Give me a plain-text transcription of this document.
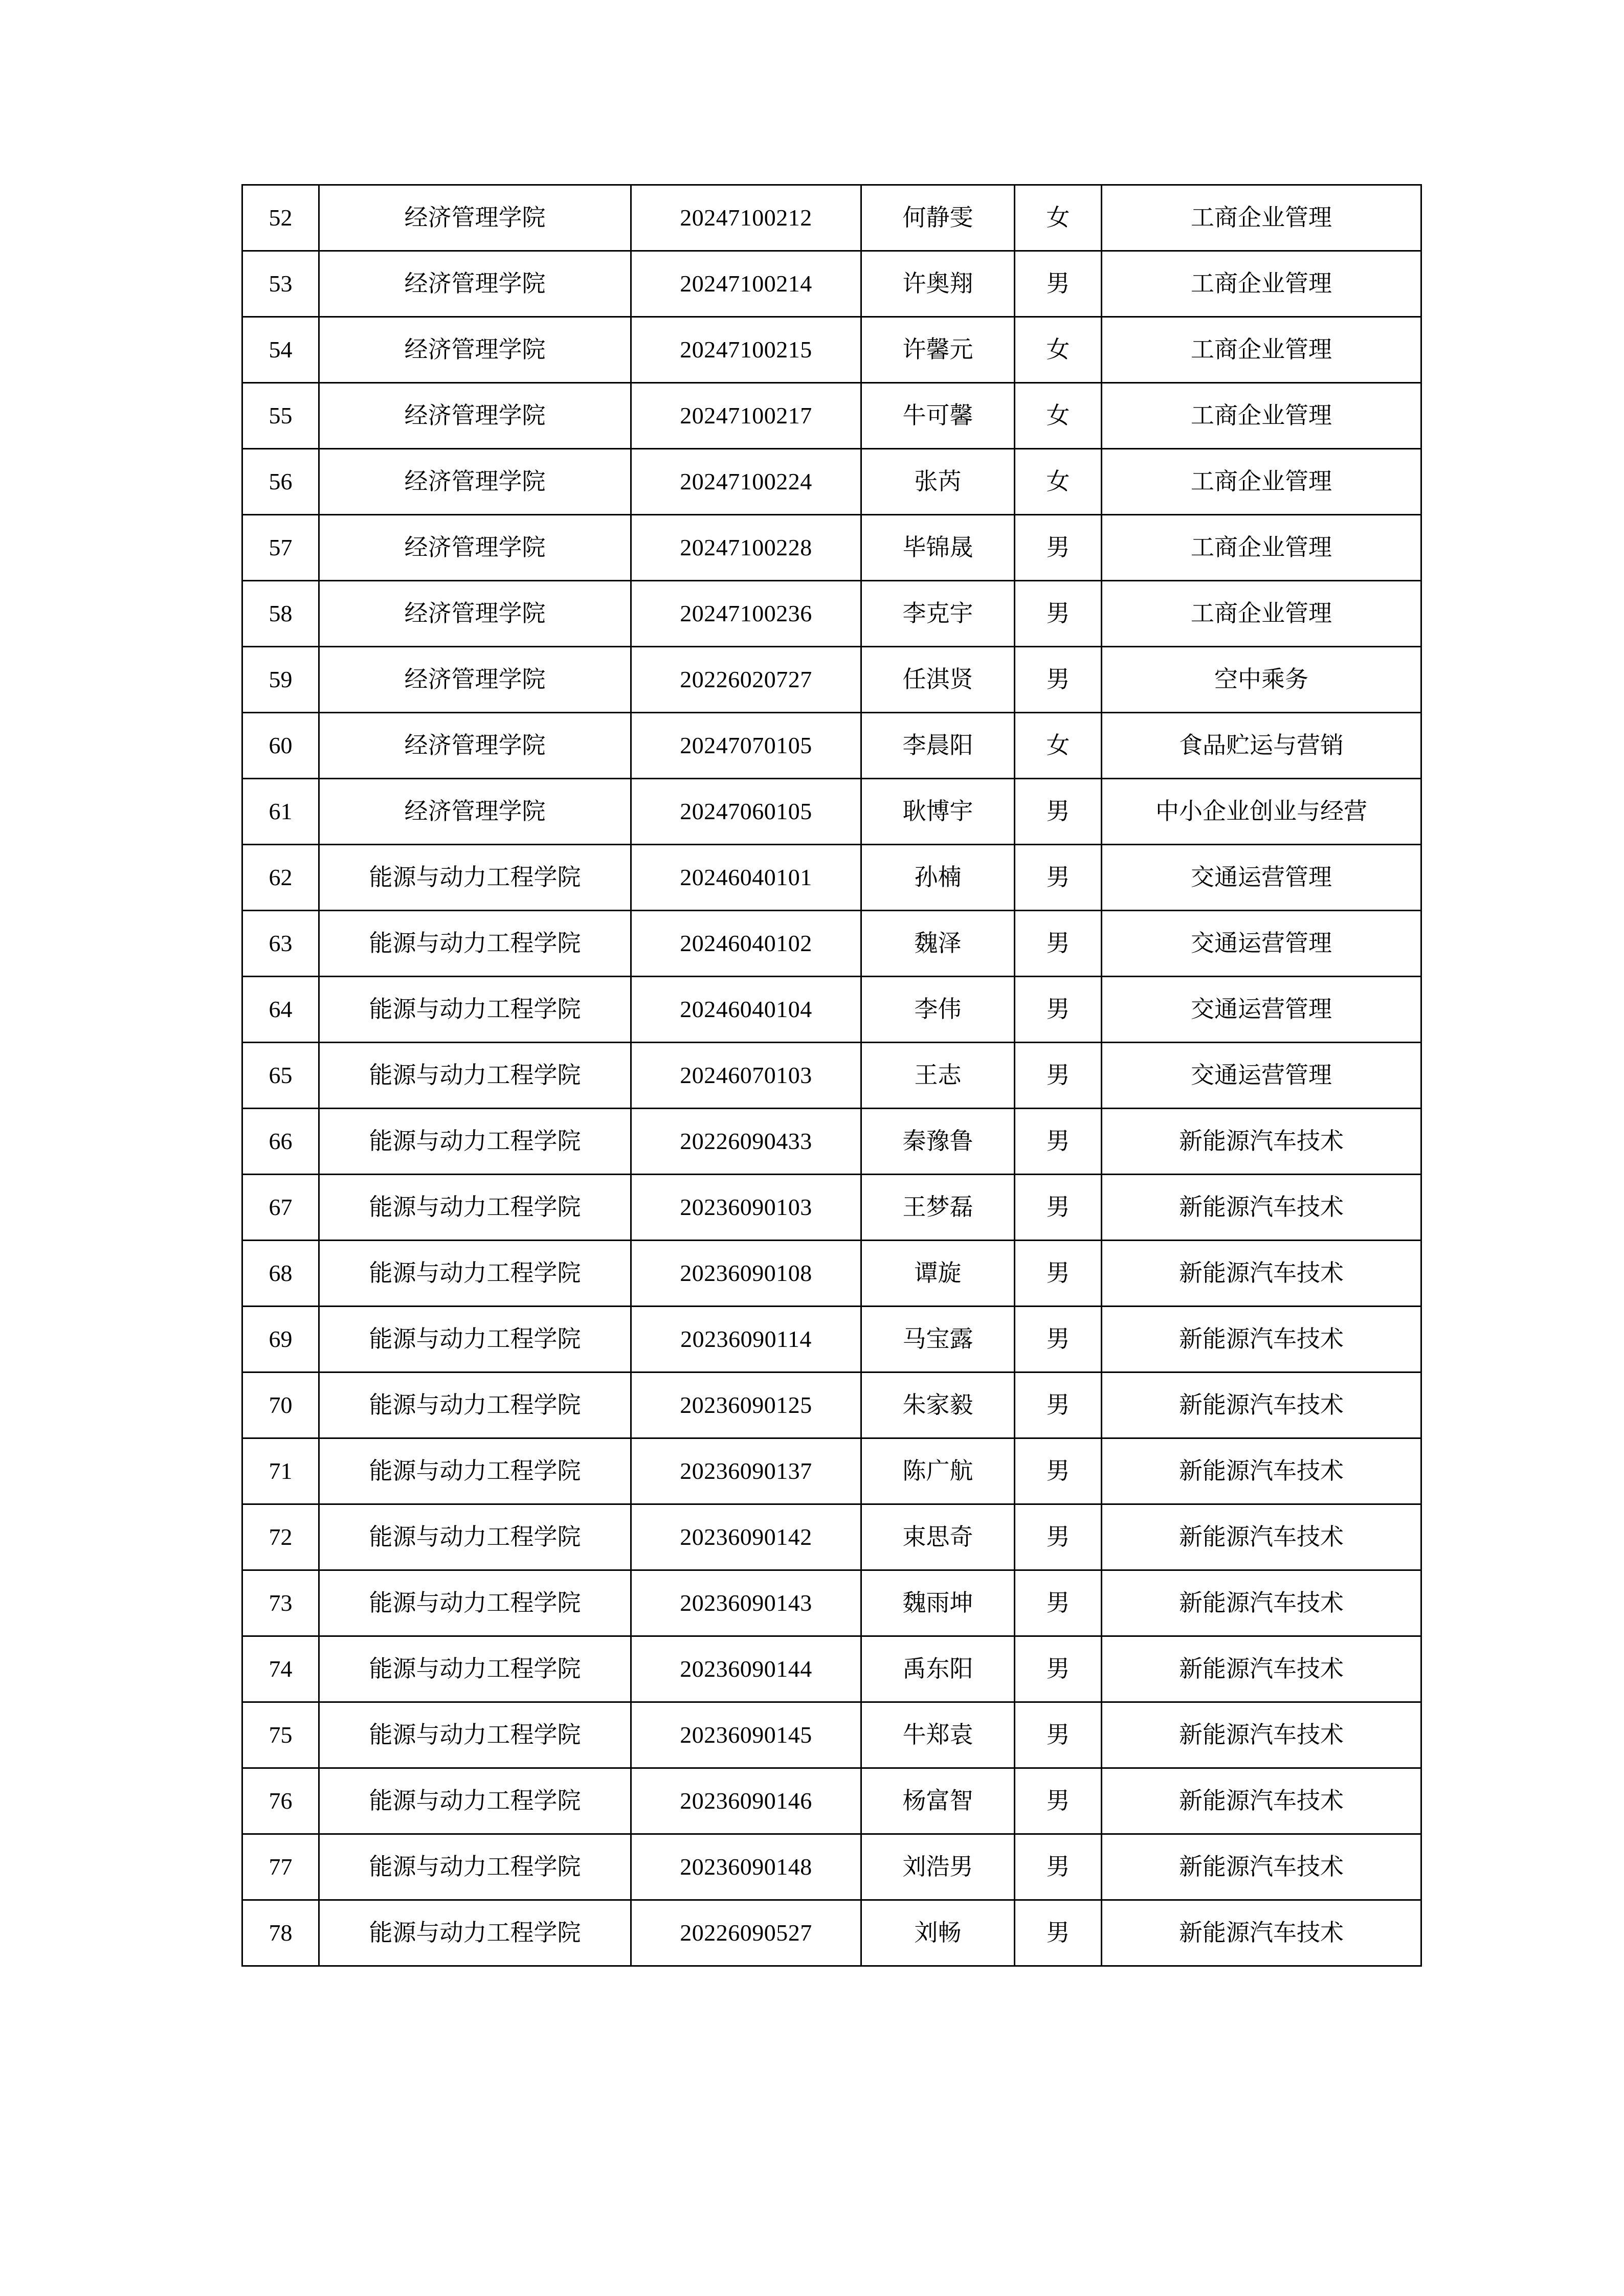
52	经济管理学院	20247100212	何静雯	女	工商企业管理
53	经济管理学院	20247100214	许奥翔	男	工商企业管理
54	经济管理学院	20247100215	许馨元	女	工商企业管理
55	经济管理学院	20247100217	牛可馨	女	工商企业管理
56	经济管理学院	20247100224	张芮	女	工商企业管理
57	经济管理学院	20247100228	毕锦晟	男	工商企业管理
58	经济管理学院	20247100236	李克宇	男	工商企业管理
59	经济管理学院	20226020727	任淇贤	男	空中乘务
60	经济管理学院	20247070105	李晨阳	女	食品贮运与营销
61	经济管理学院	20247060105	耿博宇	男	中小企业创业与经营
62	能源与动力工程学院	20246040101	孙楠	男	交通运营管理
63	能源与动力工程学院	20246040102	魏泽	男	交通运营管理
64	能源与动力工程学院	20246040104	李伟	男	交通运营管理
65	能源与动力工程学院	20246070103	王志	男	交通运营管理
66	能源与动力工程学院	20226090433	秦豫鲁	男	新能源汽车技术
67	能源与动力工程学院	20236090103	王梦磊	男	新能源汽车技术
68	能源与动力工程学院	20236090108	谭旋	男	新能源汽车技术
69	能源与动力工程学院	20236090114	马宝露	男	新能源汽车技术
70	能源与动力工程学院	20236090125	朱家毅	男	新能源汽车技术
71	能源与动力工程学院	20236090137	陈广航	男	新能源汽车技术
72	能源与动力工程学院	20236090142	束思奇	男	新能源汽车技术
73	能源与动力工程学院	20236090143	魏雨坤	男	新能源汽车技术
74	能源与动力工程学院	20236090144	禹东阳	男	新能源汽车技术
75	能源与动力工程学院	20236090145	牛郑袁	男	新能源汽车技术
76	能源与动力工程学院	20236090146	杨富智	男	新能源汽车技术
77	能源与动力工程学院	20236090148	刘浩男	男	新能源汽车技术
78	能源与动力工程学院	20226090527	刘畅	男	新能源汽车技术
